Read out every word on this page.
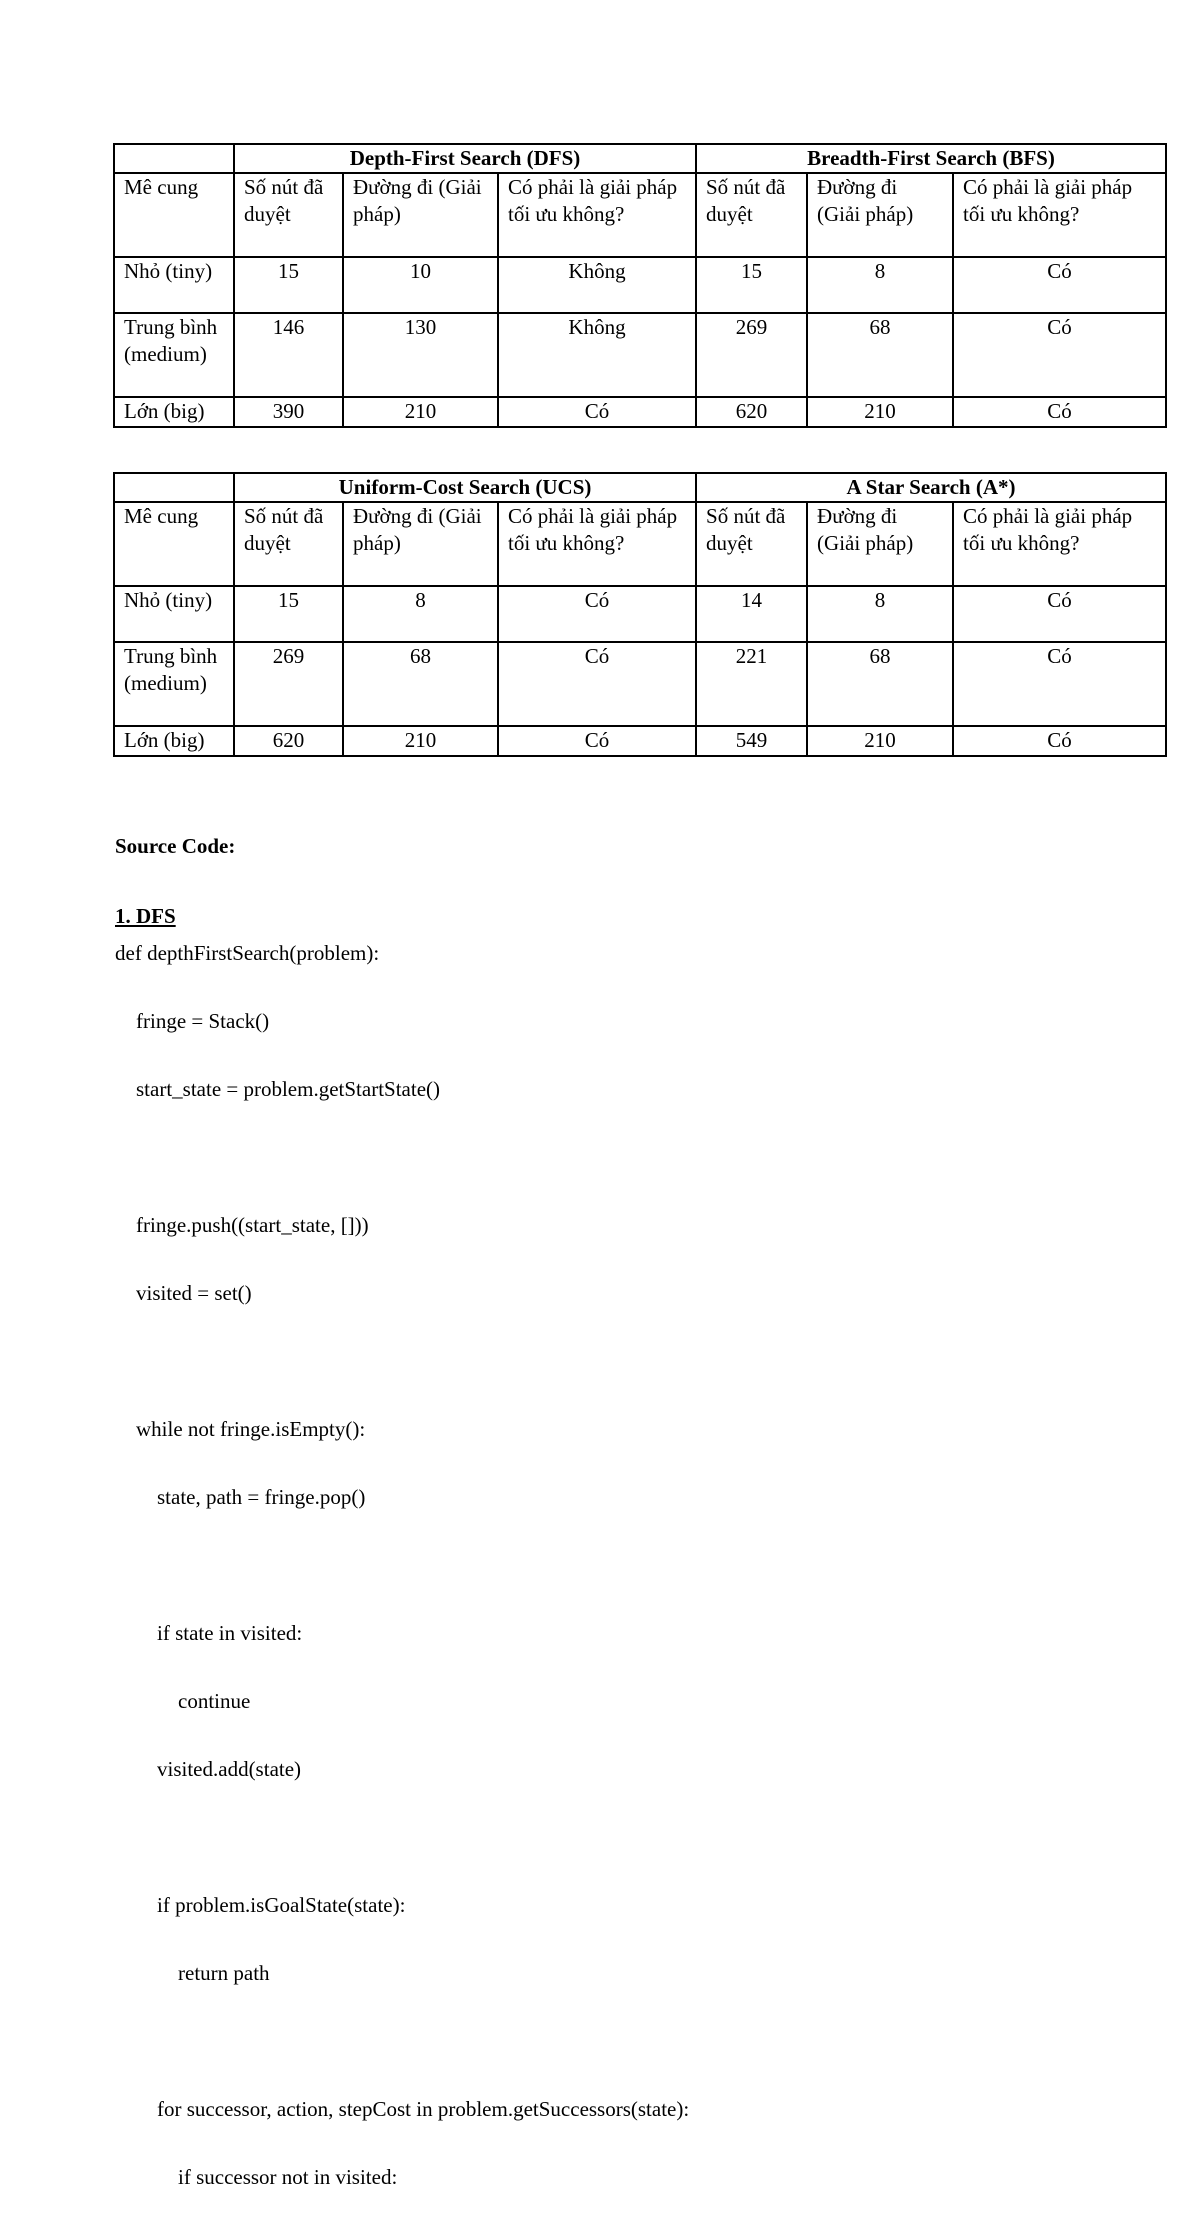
	Depth-First Search (DFS)			Breadth-First Search (BFS)		
Mê cung	Số nút đã duyệt	Đường đi (Giải pháp)	Có phải là giải pháp tối ưu không?	Số nút đã duyệt	Đường đi (Giải pháp)	Có phải là giải pháp tối ưu không?
Nhỏ (tiny)	15	10	Không	15	8	Có
Trung bình (medium)	146	130	Không	269	68	Có
Lớn (big)	390	210	Có	620	210	Có
	Uniform-Cost Search (UCS)			A Star Search (A*)		
Mê cung	Số nút đã duyệt	Đường đi (Giải pháp)	Có phải là giải pháp tối ưu không?	Số nút đã duyệt	Đường đi (Giải pháp)	Có phải là giải pháp tối ưu không?
Nhỏ (tiny)	15	8	Có	14	8	Có
Trung bình (medium)	269	68	Có	221	68	Có
Lớn (big)	620	210	Có	549	210	Có

Source Code:

1. DFS
def depthFirstSearch(problem):

fringe = Stack()

start_state = problem.getStartState()

fringe.push((start_state, []))

visited = set()

while not fringe.isEmpty():

state, path = fringe.pop()

if state in visited:

continue

visited.add(state)

if problem.isGoalState(state):

return path

for successor, action, stepCost in problem.getSuccessors(state):

if successor not in visited:
